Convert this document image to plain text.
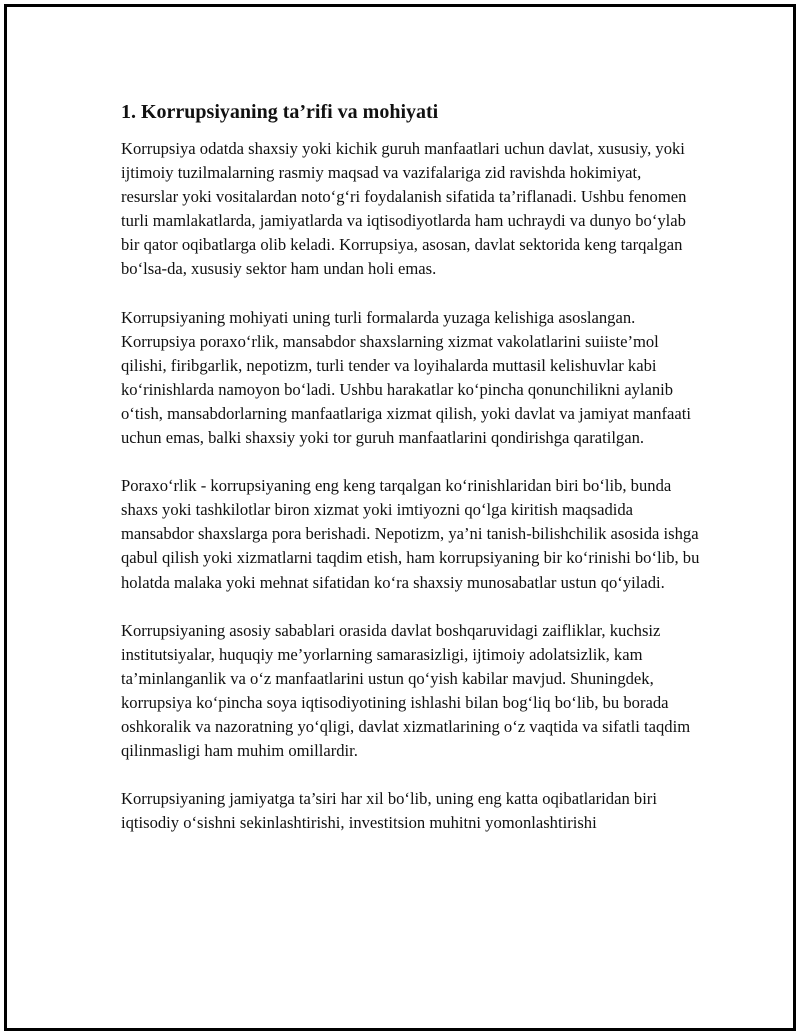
1. Korrupsiyaning ta’rifi va mohiyati

Korrupsiya odatda shaxsiy yoki kichik guruh manfaatlari uchun davlat, xususiy, yoki ijtimoiy tuzilmalarning rasmiy maqsad va vazifalariga zid ravishda hokimiyat, resurslar yoki vositalardan noto‘g‘ri foydalanish sifatida ta’riflanadi. Ushbu fenomen turli mamlakatlarda, jamiyatlarda va iqtisodiyotlarda ham uchraydi va dunyo bo‘ylab bir qator oqibatlarga olib keladi. Korrupsiya, asosan, davlat sektorida keng tarqalgan bo‘lsa-da, xususiy sektor ham undan holi emas.

Korrupsiyaning mohiyati uning turli formalarda yuzaga kelishiga asoslangan. Korrupsiya poraxo‘rlik, mansabdor shaxslarning xizmat vakolatlarini suiiste’mol qilishi, firibgarlik, nepotizm, turli tender va loyihalarda muttasil kelishuvlar kabi ko‘rinishlarda namoyon bo‘ladi. Ushbu harakatlar ko‘pincha qonunchilikni aylanib o‘tish, mansabdorlarning manfaatlariga xizmat qilish, yoki davlat va jamiyat manfaati uchun emas, balki shaxsiy yoki tor guruh manfaatlarini qondirishga qaratilgan.

Poraxo‘rlik - korrupsiyaning eng keng tarqalgan ko‘rinishlaridan biri bo‘lib, bunda shaxs yoki tashkilotlar biron xizmat yoki imtiyozni qo‘lga kiritish maqsadida mansabdor shaxslarga pora berishadi. Nepotizm, ya’ni tanish-bilishchilik asosida ishga qabul qilish yoki xizmatlarni taqdim etish, ham korrupsiyaning bir ko‘rinishi bo‘lib, bu holatda malaka yoki mehnat sifatidan ko‘ra shaxsiy munosabatlar ustun qo‘yiladi.

Korrupsiyaning asosiy sabablari orasida davlat boshqaruvidagi zaifliklar, kuchsiz institutsiyalar, huquqiy me’yorlarning samarasizligi, ijtimoiy adolatsizlik, kam ta’minlanganlik va o‘z manfaatlarini ustun qo‘yish kabilar mavjud. Shuningdek, korrupsiya ko‘pincha soya iqtisodiyotining ishlashi bilan bog‘liq bo‘lib, bu borada oshkoralik va nazoratning yo‘qligi, davlat xizmatlarining o‘z vaqtida va sifatli taqdim qilinmasligi ham muhim omillardir.

Korrupsiyaning jamiyatga ta’siri har xil bo‘lib, uning eng katta oqibatlaridan biri iqtisodiy o‘sishni sekinlashtirishi, investitsion muhitni yomonlashtirishi
